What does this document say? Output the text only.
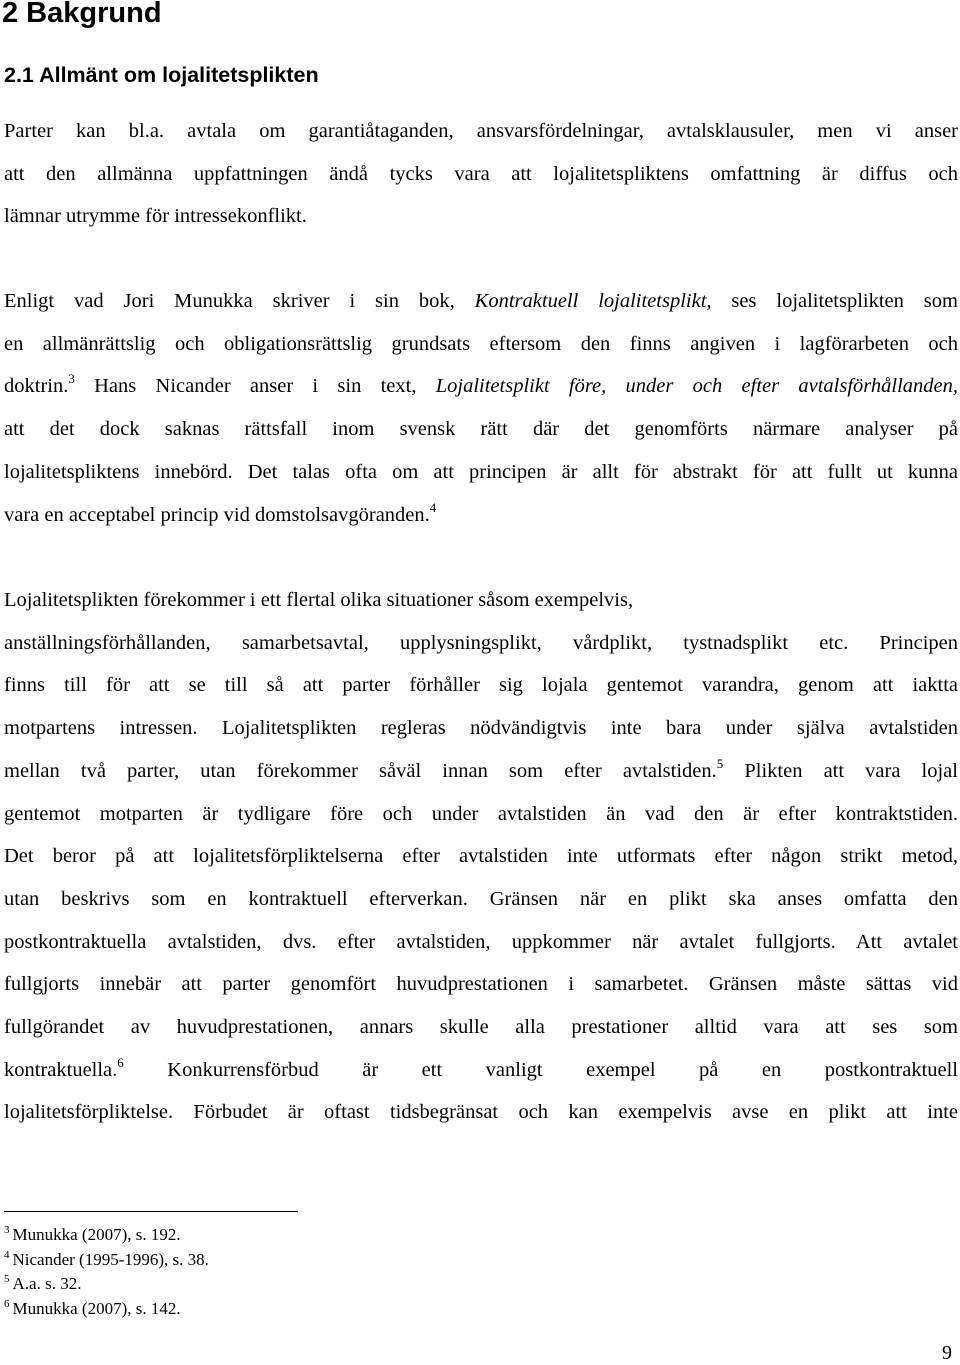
2 Bakgrund
2.1 Allmänt om lojalitetsplikten
Parter kan bl.a. avtala om garantiåtaganden, ansvarsfördelningar, avtalsklausuler, men vi anser
att den allmänna uppfattningen ändå tycks vara att lojalitetspliktens omfattning är diffus och
lämnar utrymme för intressekonflikt.
Enligt vad Jori Munukka skriver i sin bok, Kontraktuell lojalitetsplikt, ses lojalitetsplikten som
en allmänrättslig och obligationsrättslig grundsats eftersom den finns angiven i lagförarbeten och
doktrin.$^3$ Hans Nicander anser i sin text, Lojalitetsplikt före, under och efter avtalsförhållanden,
att det dock saknas rättsfall inom svensk rätt där det genomförts närmare analyser på
lojalitetspliktens innebörd. Det talas ofta om att principen är allt för abstrakt för att fullt ut kunna
vara en acceptabel princip vid domstolsavgöranden.$^4$
Lojalitetsplikten förekommer i ett flertal olika situationer såsom exempelvis,
anställningsförhållanden, samarbetsavtal, upplysningsplikt, vårdplikt, tystnadsplikt etc. Principen
finns till för att se till så att parter förhåller sig lojala gentemot varandra, genom att iaktta
motpartens intressen. Lojalitetsplikten regleras nödvändigtvis inte bara under själva avtalstiden
mellan två parter, utan förekommer såväl innan som efter avtalstiden.$^5$ Plikten att vara lojal
gentemot motparten är tydligare före och under avtalstiden än vad den är efter kontraktstiden.
Det beror på att lojalitetsförpliktelserna efter avtalstiden inte utformats efter någon strikt metod,
utan beskrivs som en kontraktuell efterverkan. Gränsen när en plikt ska anses omfatta den
postkontraktuella avtalstiden, dvs. efter avtalstiden, uppkommer när avtalet fullgjorts. Att avtalet
fullgjorts innebär att parter genomfört huvudprestationen i samarbetet. Gränsen måste sättas vid
fullgörandet av huvudprestationen, annars skulle alla prestationer alltid vara att ses som
kontraktuella.$^6$ Konkurrensförbud är ett vanligt exempel på en postkontraktuell
lojalitetsförpliktelse. Förbudet är oftast tidsbegränsat och kan exempelvis avse en plikt att inte
$^3$ Munukka (2007), s. 192.
$^4$ Nicander (1995-1996), s. 38.
$^5$ A.a. s. 32.
$^6$ Munukka (2007), s. 142.
9
